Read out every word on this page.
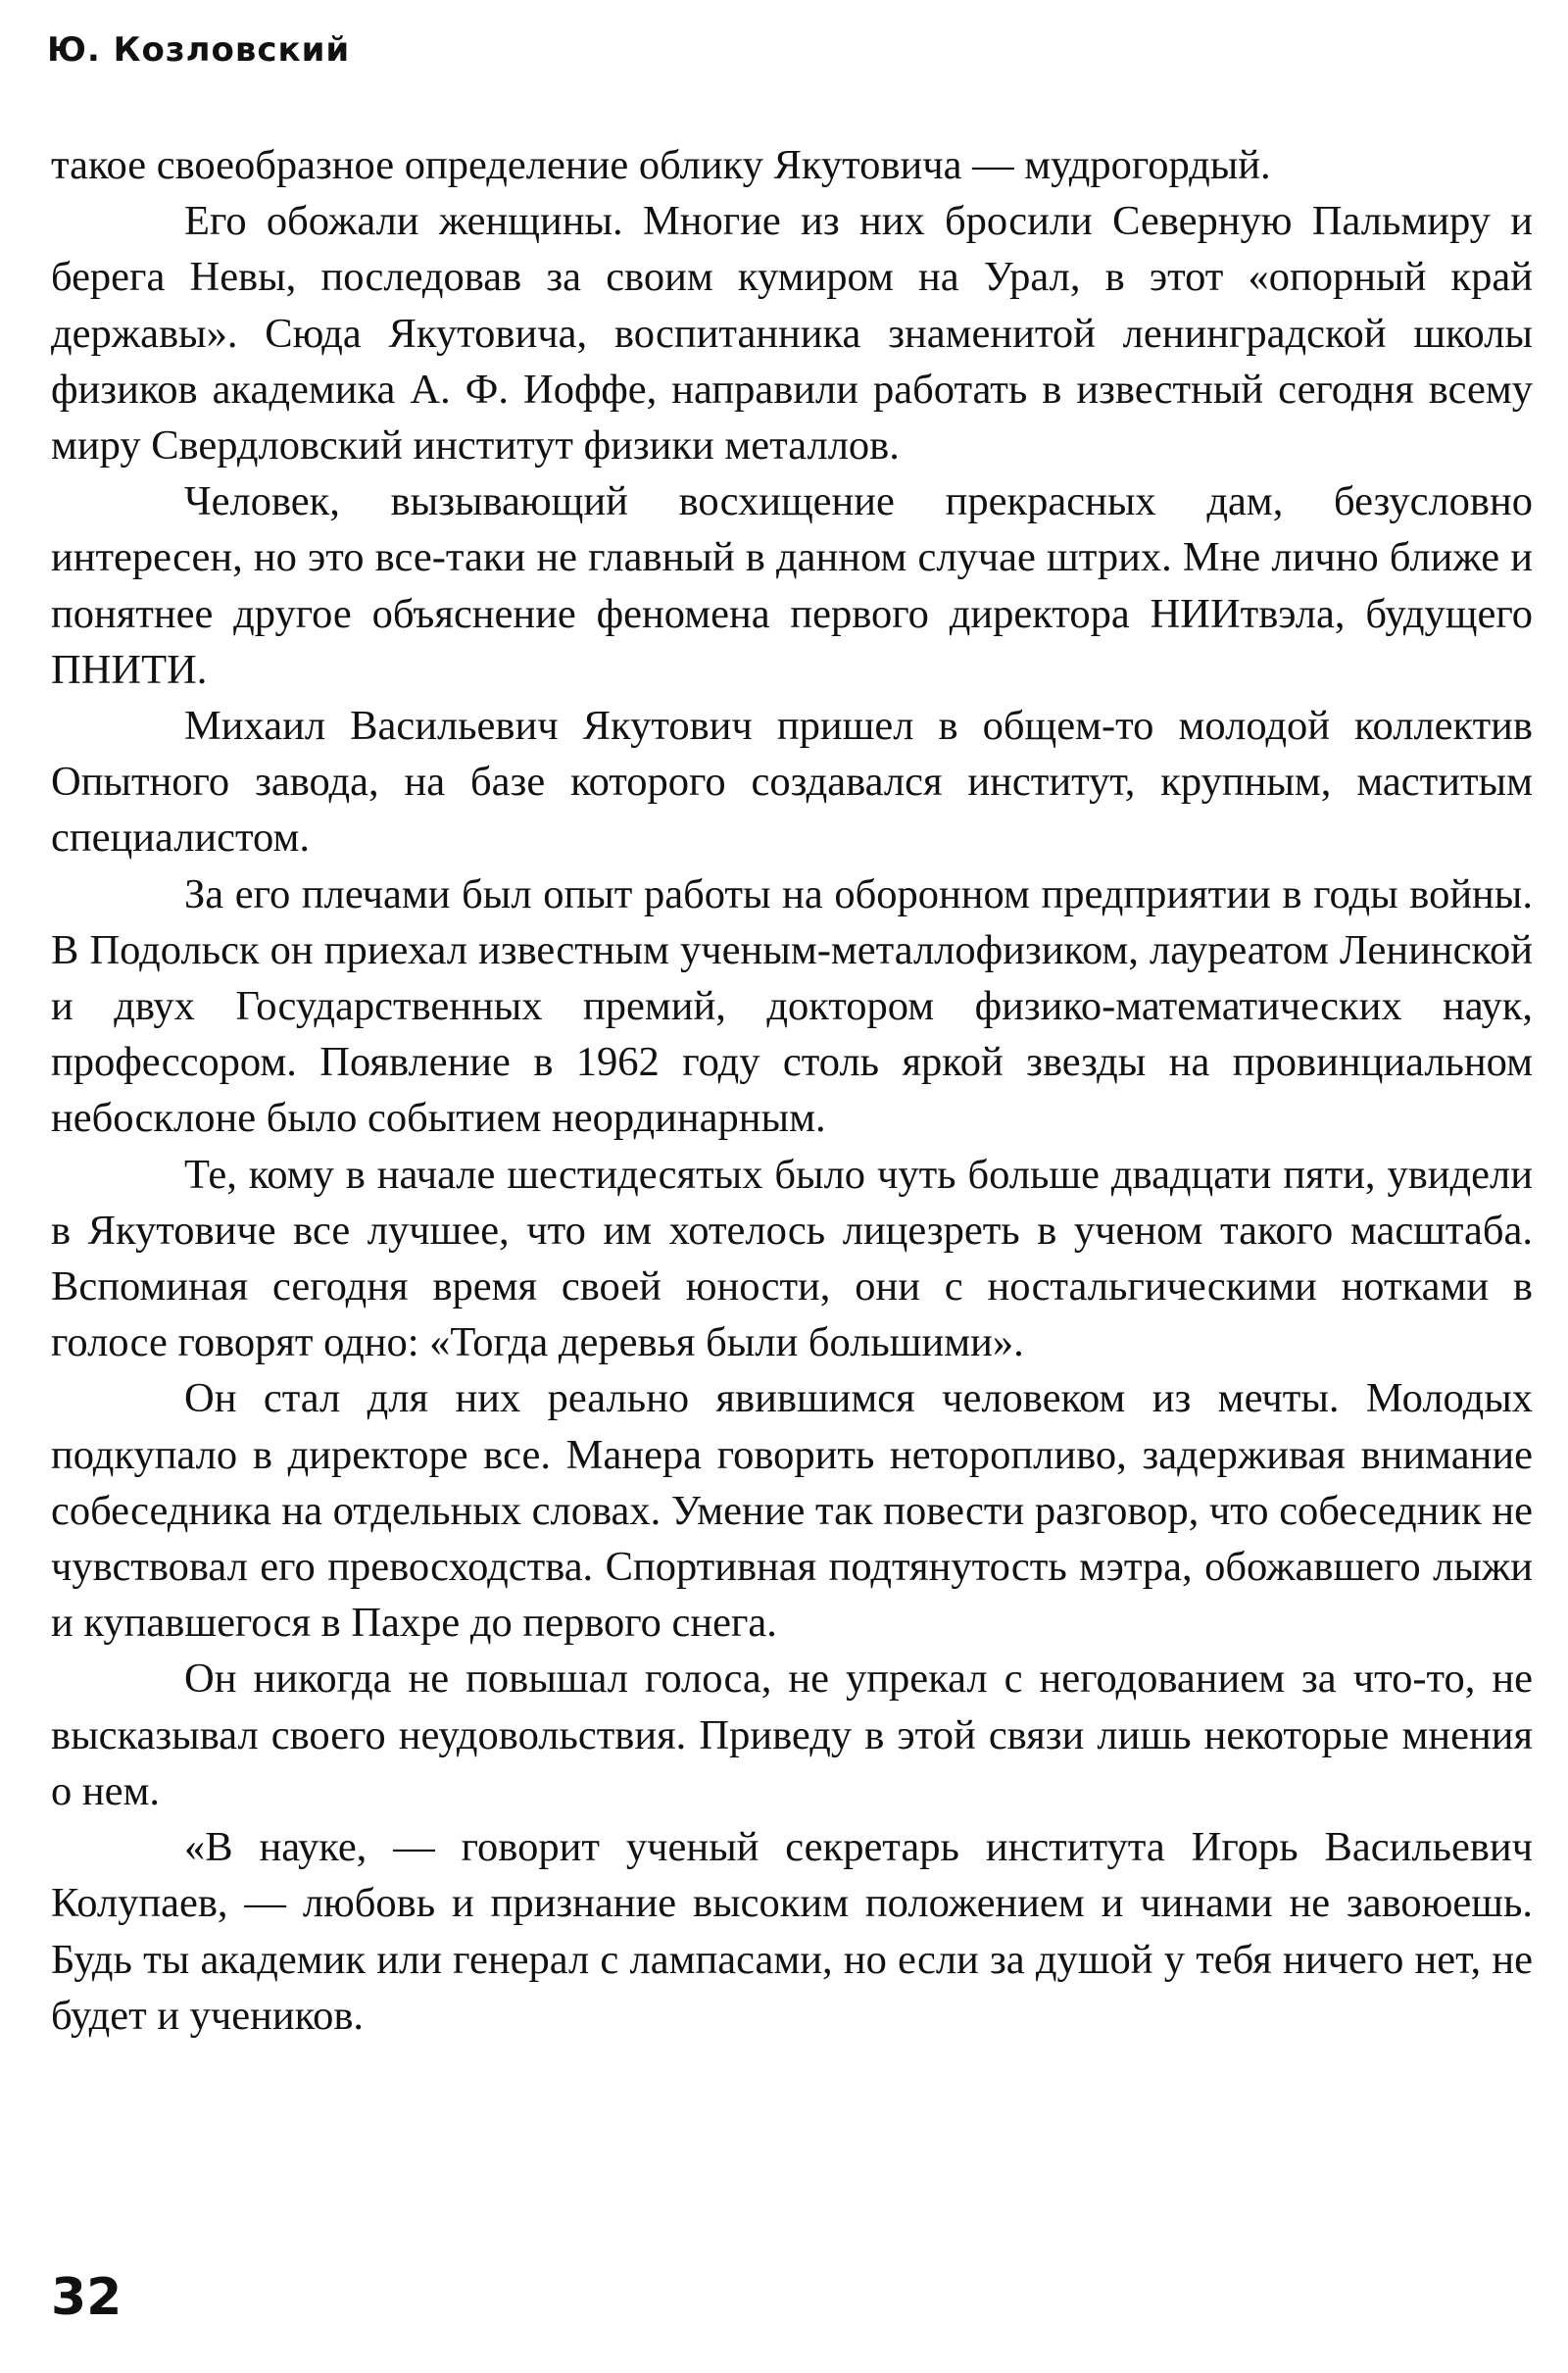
Ю. Козловский

такое своеобразное определение облику Якутовича — мудрогордый.

Его обожали женщины. Многие из них бросили Северную Пальмиру и берега Невы, последовав за своим кумиром на Урал, в этот «опорный край державы». Сюда Якутовича, воспитанника знаменитой ленинградской школы физиков академика А. Ф. Иоффе, направили работать в известный сегодня всему миру Свердловский институт физики металлов.

Человек, вызывающий восхищение прекрасных дам, безусловно интересен, но это все-таки не главный в данном случае штрих. Мне лично ближе и понятнее другое объяснение феномена первого директора НИИтвэла, будущего ПНИТИ.

Михаил Васильевич Якутович пришел в общем-то молодой коллектив Опытного завода, на базе которого создавался институт, крупным, маститым специалистом.

За его плечами был опыт работы на оборонном предприятии в годы войны. В Подольск он приехал известным ученым-металлофизиком, лауреатом Ленинской и двух Государственных премий, доктором физико-математических наук, профессором. Появление в 1962 году столь яркой звезды на провинциальном небосклоне было событием неординарным.

Те, кому в начале шестидесятых было чуть больше двадцати пяти, увидели в Якутовиче все лучшее, что им хотелось лицезреть в ученом такого масштаба. Вспоминая сегодня время своей юности, они с ностальгическими нотками в голосе говорят одно: «Тогда деревья были большими».

Он стал для них реально явившимся человеком из мечты. Молодых подкупало в директоре все. Манера говорить неторопливо, задерживая внимание собеседника на отдельных словах. Умение так повести разговор, что собеседник не чувствовал его превосходства. Спортивная подтянутость мэтра, обожавшего лыжи и купавшегося в Пахре до первого снега.

Он никогда не повышал голоса, не упрекал с негодованием за что-то, не высказывал своего неудовольствия. Приведу в этой связи лишь некоторые мнения о нем.

«В науке, — говорит ученый секретарь института Игорь Васильевич Колупаев, — любовь и признание высоким положением и чинами не завоюешь. Будь ты академик или генерал с лампасами, но если за душой у тебя ничего нет, не будет и учеников.

32
